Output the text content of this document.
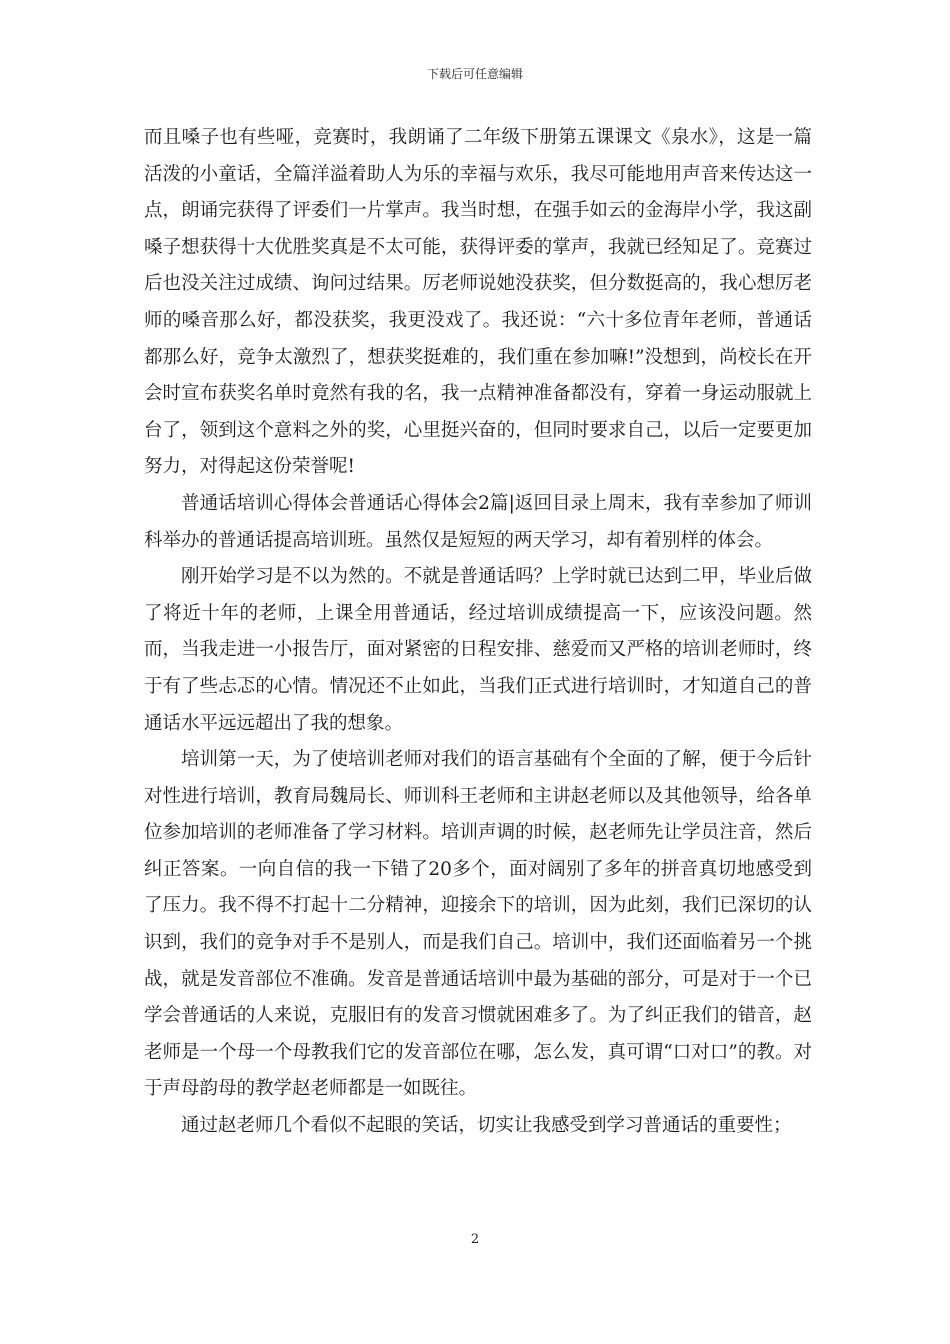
下载后可任意编辑

而且嗓子也有些哑，竞赛时，我朗诵了二年级下册第五课课文《泉水》，这是一篇活泼的小童话，全篇洋溢着助人为乐的幸福与欢乐，我尽可能地用声音来传达这一点，朗诵完获得了评委们一片掌声。我当时想，在强手如云的金海岸小学，我这副嗓子想获得十大优胜奖真是不太可能，获得评委的掌声，我就已经知足了。竞赛过后也没关注过成绩、询问过结果。厉老师说她没获奖，但分数挺高的，我心想厉老师的嗓音那么好，都没获奖，我更没戏了。我还说：“六十多位青年老师，普通话都那么好，竞争太激烈了，想获奖挺难的，我们重在参加嘛!”没想到，尚校长在开会时宣布获奖名单时竟然有我的名，我一点精神准备都没有，穿着一身运动服就上台了，领到这个意料之外的奖，心里挺兴奋的，但同时要求自己，以后一定要更加努力，对得起这份荣誉呢!

普通话培训心得体会普通话心得体会2篇|返回目录上周末，我有幸参加了师训科举办的普通话提高培训班。虽然仅是短短的两天学习，却有着别样的体会。

刚开始学习是不以为然的。不就是普通话吗？上学时就已达到二甲，毕业后做了将近十年的老师，上课全用普通话，经过培训成绩提高一下，应该没问题。然而，当我走进一小报告厅，面对紧密的日程安排、慈爱而又严格的培训老师时，终于有了些忐忑的心情。情况还不止如此，当我们正式进行培训时，才知道自己的普通话水平远远超出了我的想象。

培训第一天，为了使培训老师对我们的语言基础有个全面的了解，便于今后针对性进行培训，教育局魏局长、师训科王老师和主讲赵老师以及其他领导，给各单位参加培训的老师准备了学习材料。培训声调的时候，赵老师先让学员注音，然后纠正答案。一向自信的我一下错了20多个，面对阔别了多年的拼音真切地感受到了压力。我不得不打起十二分精神，迎接余下的培训，因为此刻，我们已深切的认识到，我们的竞争对手不是别人，而是我们自己。培训中，我们还面临着另一个挑战，就是发音部位不准确。发音是普通话培训中最为基础的部分，可是对于一个已学会普通话的人来说，克服旧有的发音习惯就困难多了。为了纠正我们的错音，赵老师是一个母一个母教我们它的发音部位在哪，怎么发，真可谓“口对口”的教。对于声母韵母的教学赵老师都是一如既往。

通过赵老师几个看似不起眼的笑话，切实让我感受到学习普通话的重要性；

2
